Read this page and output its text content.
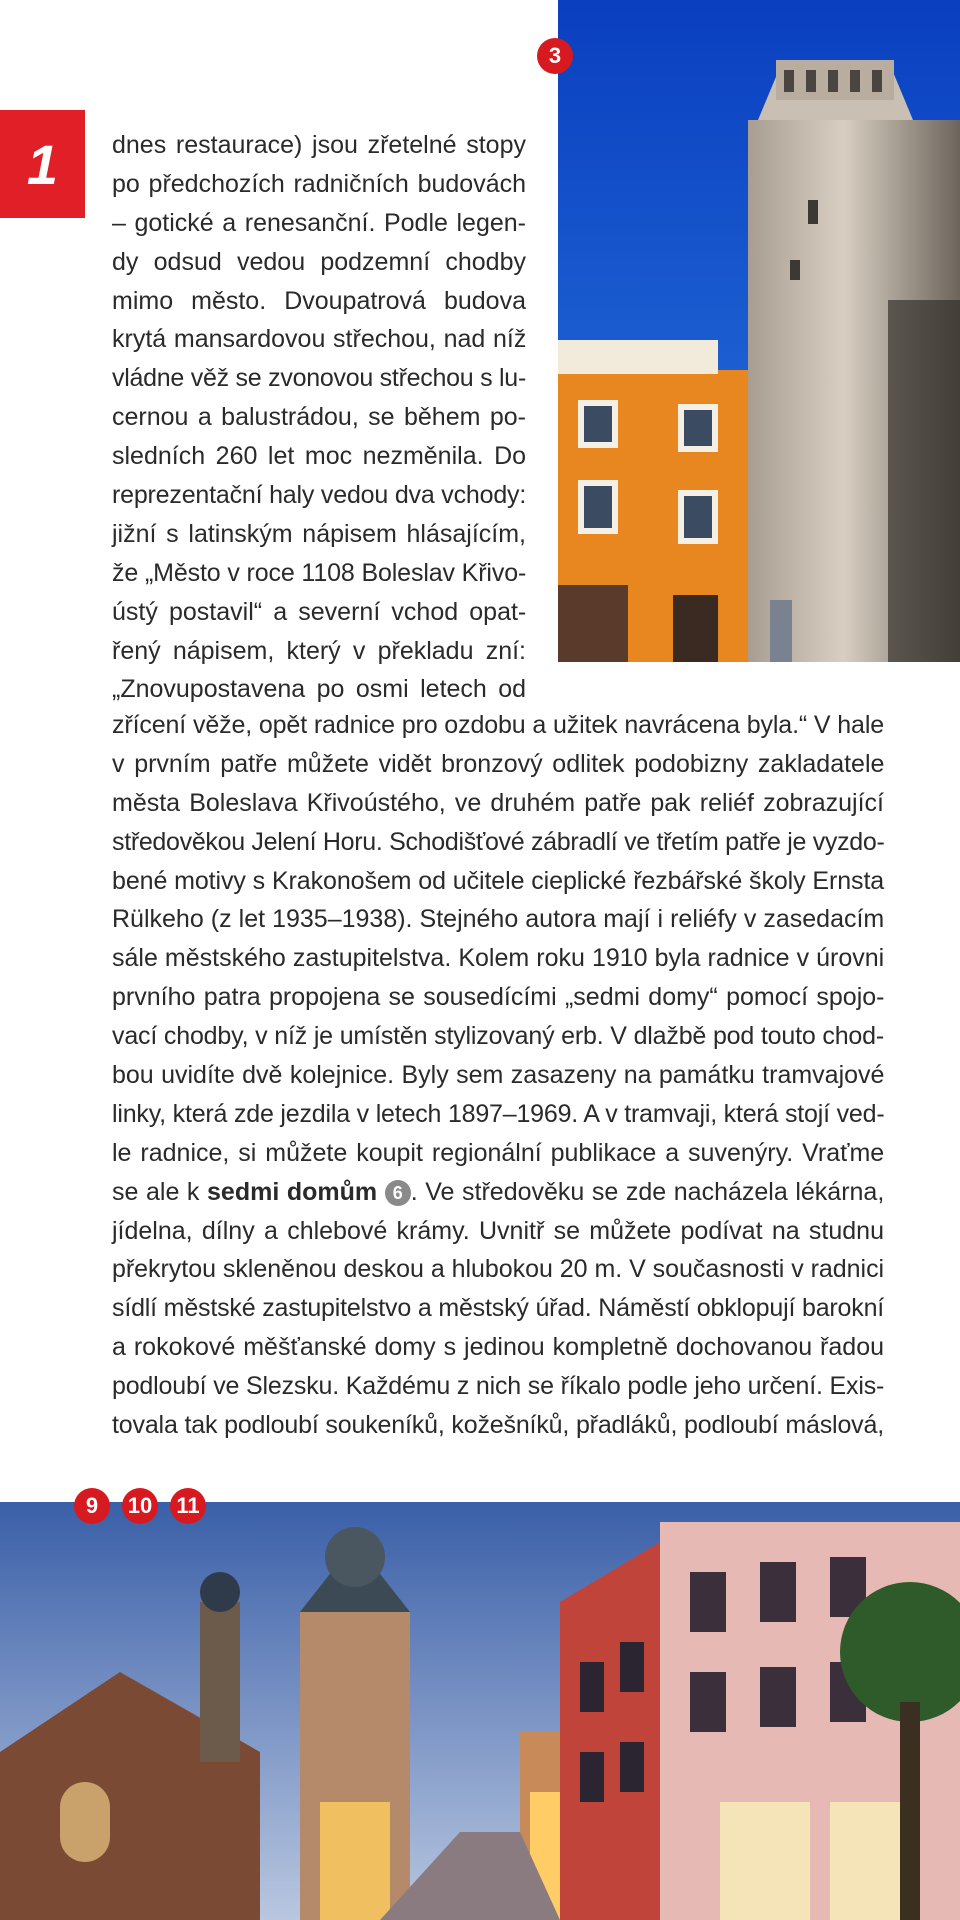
1
3
dnes restaurace) jsou zřetelné stopy
po předchozích radničních budovách
– gotické a renesanční. Podle legen-
dy odsud vedou podzemní chodby
mimo město. Dvoupatrová budova
krytá mansardovou střechou, nad níž
vládne věž se zvonovou střechou s lu-
cernou a balustrádou, se během po-
sledních 260 let moc nezměnila. Do
reprezentační haly vedou dva vchody:
jižní s latinským nápisem hlásajícím,
že „Město v roce 1108 Boleslav Křivo-
ústý postavil“ a severní vchod opat-
řený nápisem, který v překladu zní:
„Znovupostavena po osmi letech od
zřícení věže, opět radnice pro ozdobu a užitek navrácena byla.“ V hale
v prvním patře můžete vidět bronzový odlitek podobizny zakladatele
města Boleslava Křivoústého, ve druhém patře pak reliéf zobrazující
středověkou Jelení Horu. Schodišťové zábradlí ve třetím patře je vyzdo-
bené motivy s Krakonošem od učitele cieplické řezbářské školy Ernsta
Rülkeho (z let 1935–1938). Stejného autora mají i reliéfy v zasedacím
sále městského zastupitelstva. Kolem roku 1910 byla radnice v úrovni
prvního patra propojena se sousedícími „sedmi domy“ pomocí spojo-
vací chodby, v níž je umístěn stylizovaný erb. V dlažbě pod touto chod-
bou uvidíte dvě kolejnice. Byly sem zasazeny na památku tramvajové
linky, která zde jezdila v letech 1897–1969. A v tramvaji, která stojí ved-
le radnice, si můžete koupit regionální publikace a suvenýry. Vraťme
se ale k sedmi domům 6 . Ve středověku se zde nacházela lékárna,
jídelna, dílny a chlebové krámy. Uvnitř se můžete podívat na studnu
překrytou skleněnou deskou a hlubokou 20 m. V současnosti v radnici
sídlí městské zastupitelstvo a městský úřad. Náměstí obklopují barokní
a rokokové měšťanské domy s jedinou kompletně dochovanou řadou
podloubí ve Slezsku. Každému z nich se říkalo podle jeho určení. Exis-
tovala tak podloubí soukeníků, kožešníků, přadláků, podloubí máslová,
9	10 11
